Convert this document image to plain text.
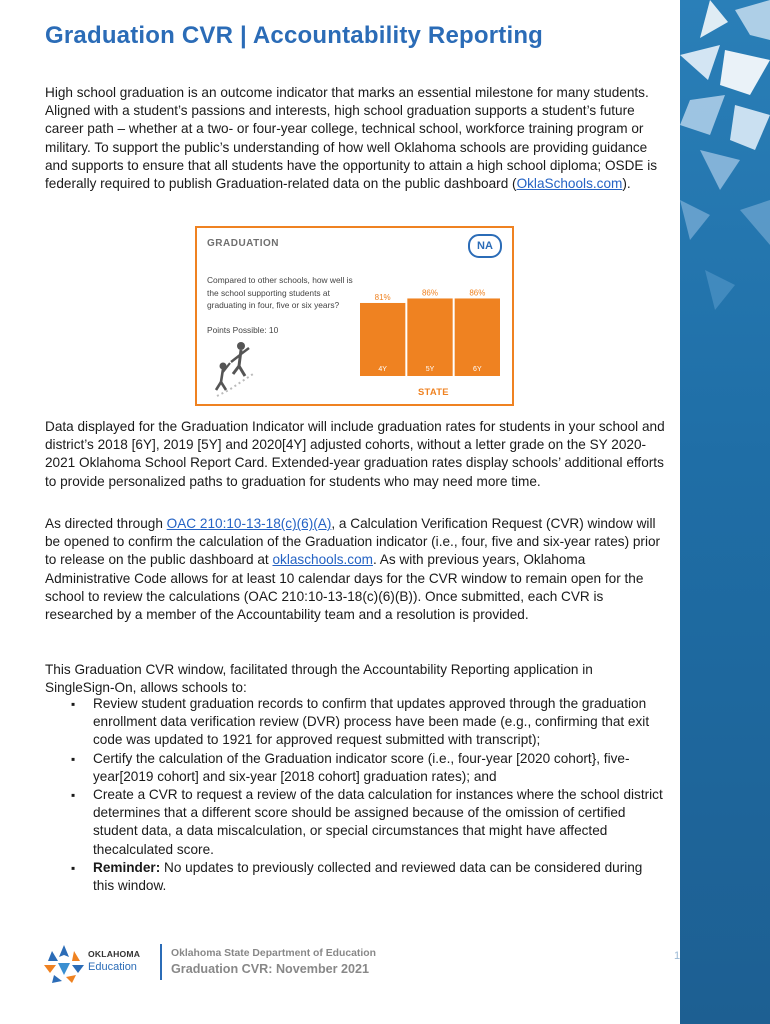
Graduation CVR | Accountability Reporting

High school graduation is an outcome indicator that marks an essential milestone for many students. Aligned with a student’s passions and interests, high school graduation supports a student’s future career path – whether at a two- or four-year college, technical school, workforce training program or military. To support the public’s understanding of how well Oklahoma schools are providing guidance and supports to ensure that all students have the opportunity to attain a high school diploma; OSDE is federally required to publish Graduation-related data on the public dashboard (OklaSchools.com).

GRADUATION	NA
Compared to other schools, how well is the school supporting students at graduating in four, five or six years?
Points Possible: 10
81%
4Y
86%
5Y
86%
6Y
STATE

Data displayed for the Graduation Indicator will include graduation rates for students in your school and district’s 2018 [6Y], 2019 [5Y] and 2020[4Y] adjusted cohorts, without a letter grade on the SY 2020-2021 Oklahoma School Report Card. Extended-year graduation rates display schools’ additional efforts to provide personalized paths to graduation for students who may need more time.

As directed through OAC 210:10-13-18(c)(6)(A), a Calculation Verification Request (CVR) window will be opened to confirm the calculation of the Graduation indicator (i.e., four, five and six-year rates) prior to release on the public dashboard at oklaschools.com. As with previous years, Oklahoma Administrative Code allows for at least 10 calendar days for the CVR window to remain open for the school to review the calculations (OAC 210:10-13-18(c)(6)(B)). Once submitted, each CVR is researched by a member of the Accountability team and a resolution is provided.

This Graduation CVR window, facilitated through the Accountability Reporting application in SingleSign-On, allows schools to:

▪ Review student graduation records to confirm that updates approved through the graduation enrollment data verification review (DVR) process have been made (e.g., confirming that exit code was updated to 1921 for approved request submitted with transcript);
▪ Certify the calculation of the Graduation indicator score (i.e., four-year [2020 cohort}, five-year[2019 cohort] and six-year [2018 cohort] graduation rates); and
▪ Create a CVR to request a review of the data calculation for instances where the school district determines that a different score should be assigned because of the omission of certified student data, a data miscalculation, or special circumstances that might have affected thecalculated score.
▪ Reminder: No updates to previously collected and reviewed data can be considered during this window.
OKLAHOMA
Education
Oklahoma State Department of Education
Graduation CVR: November 2021
1
